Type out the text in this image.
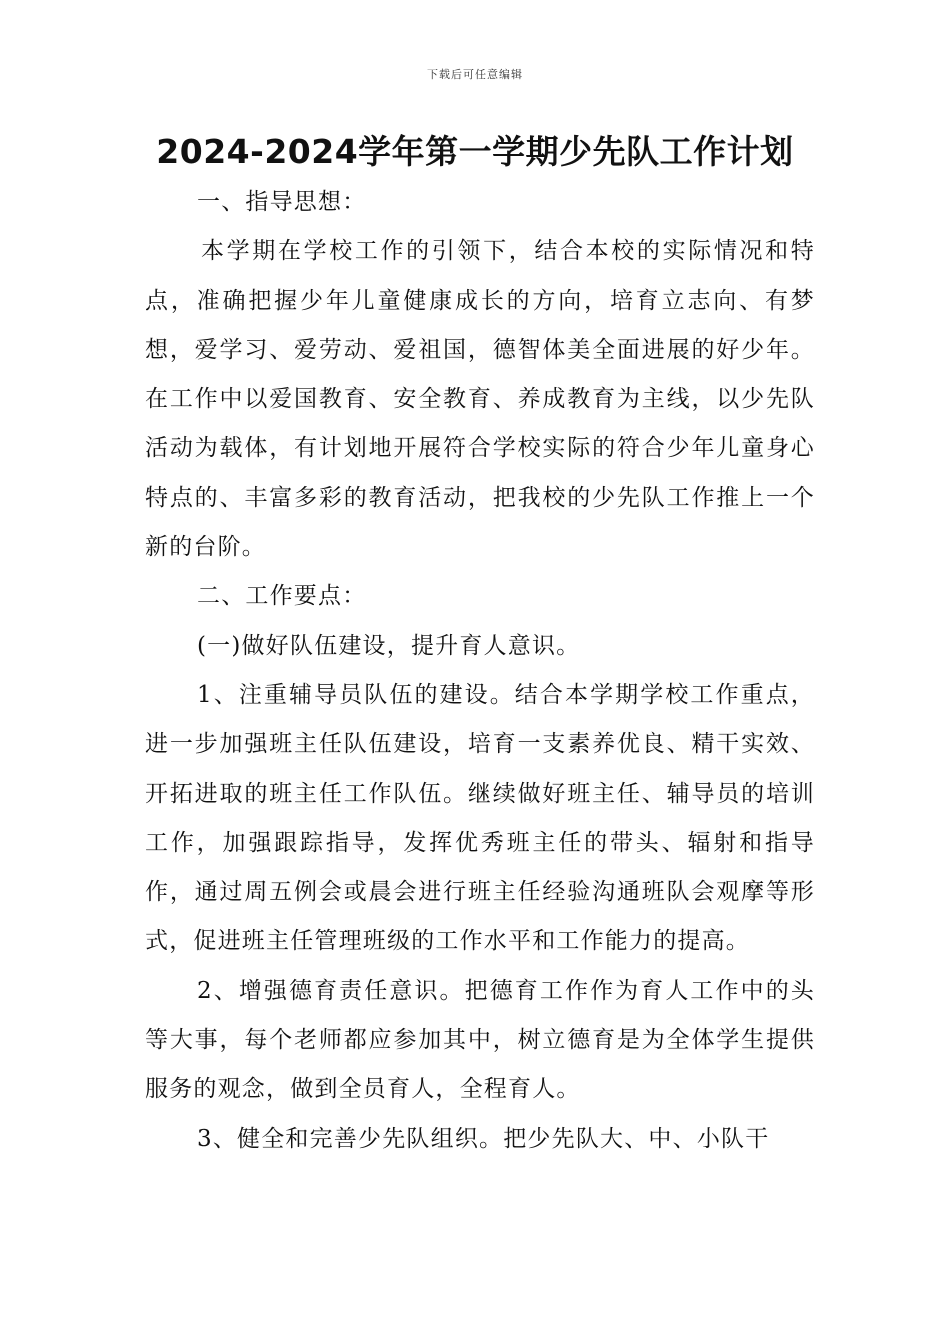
下载后可任意编辑
2024-2024学年第一学期少先队工作计划

一、指导思想：

本学期在学校工作的引领下，结合本校的实际情况和特点，准确把握少年儿童健康成长的方向，培育立志向、有梦想，爱学习、爱劳动、爱祖国，德智体美全面进展的好少年。在工作中以爱国教育、安全教育、养成教育为主线，以少先队活动为载体，有计划地开展符合学校实际的符合少年儿童身心特点的、丰富多彩的教育活动，把我校的少先队工作推上一个新的台阶。

二、工作要点：

(一)做好队伍建设，提升育人意识。

1、注重辅导员队伍的建设。结合本学期学校工作重点，进一步加强班主任队伍建设，培育一支素养优良、精干实效、开拓进取的班主任工作队伍。继续做好班主任、辅导员的培训工作，加强跟踪指导，发挥优秀班主任的带头、辐射和指导作，通过周五例会或晨会进行班主任经验沟通班队会观摩等形式，促进班主任管理班级的工作水平和工作能力的提高。

2、增强德育责任意识。把德育工作作为育人工作中的头等大事，每个老师都应参加其中，树立德育是为全体学生提供服务的观念，做到全员育人，全程育人。

3、健全和完善少先队组织。把少先队大、中、小队干
